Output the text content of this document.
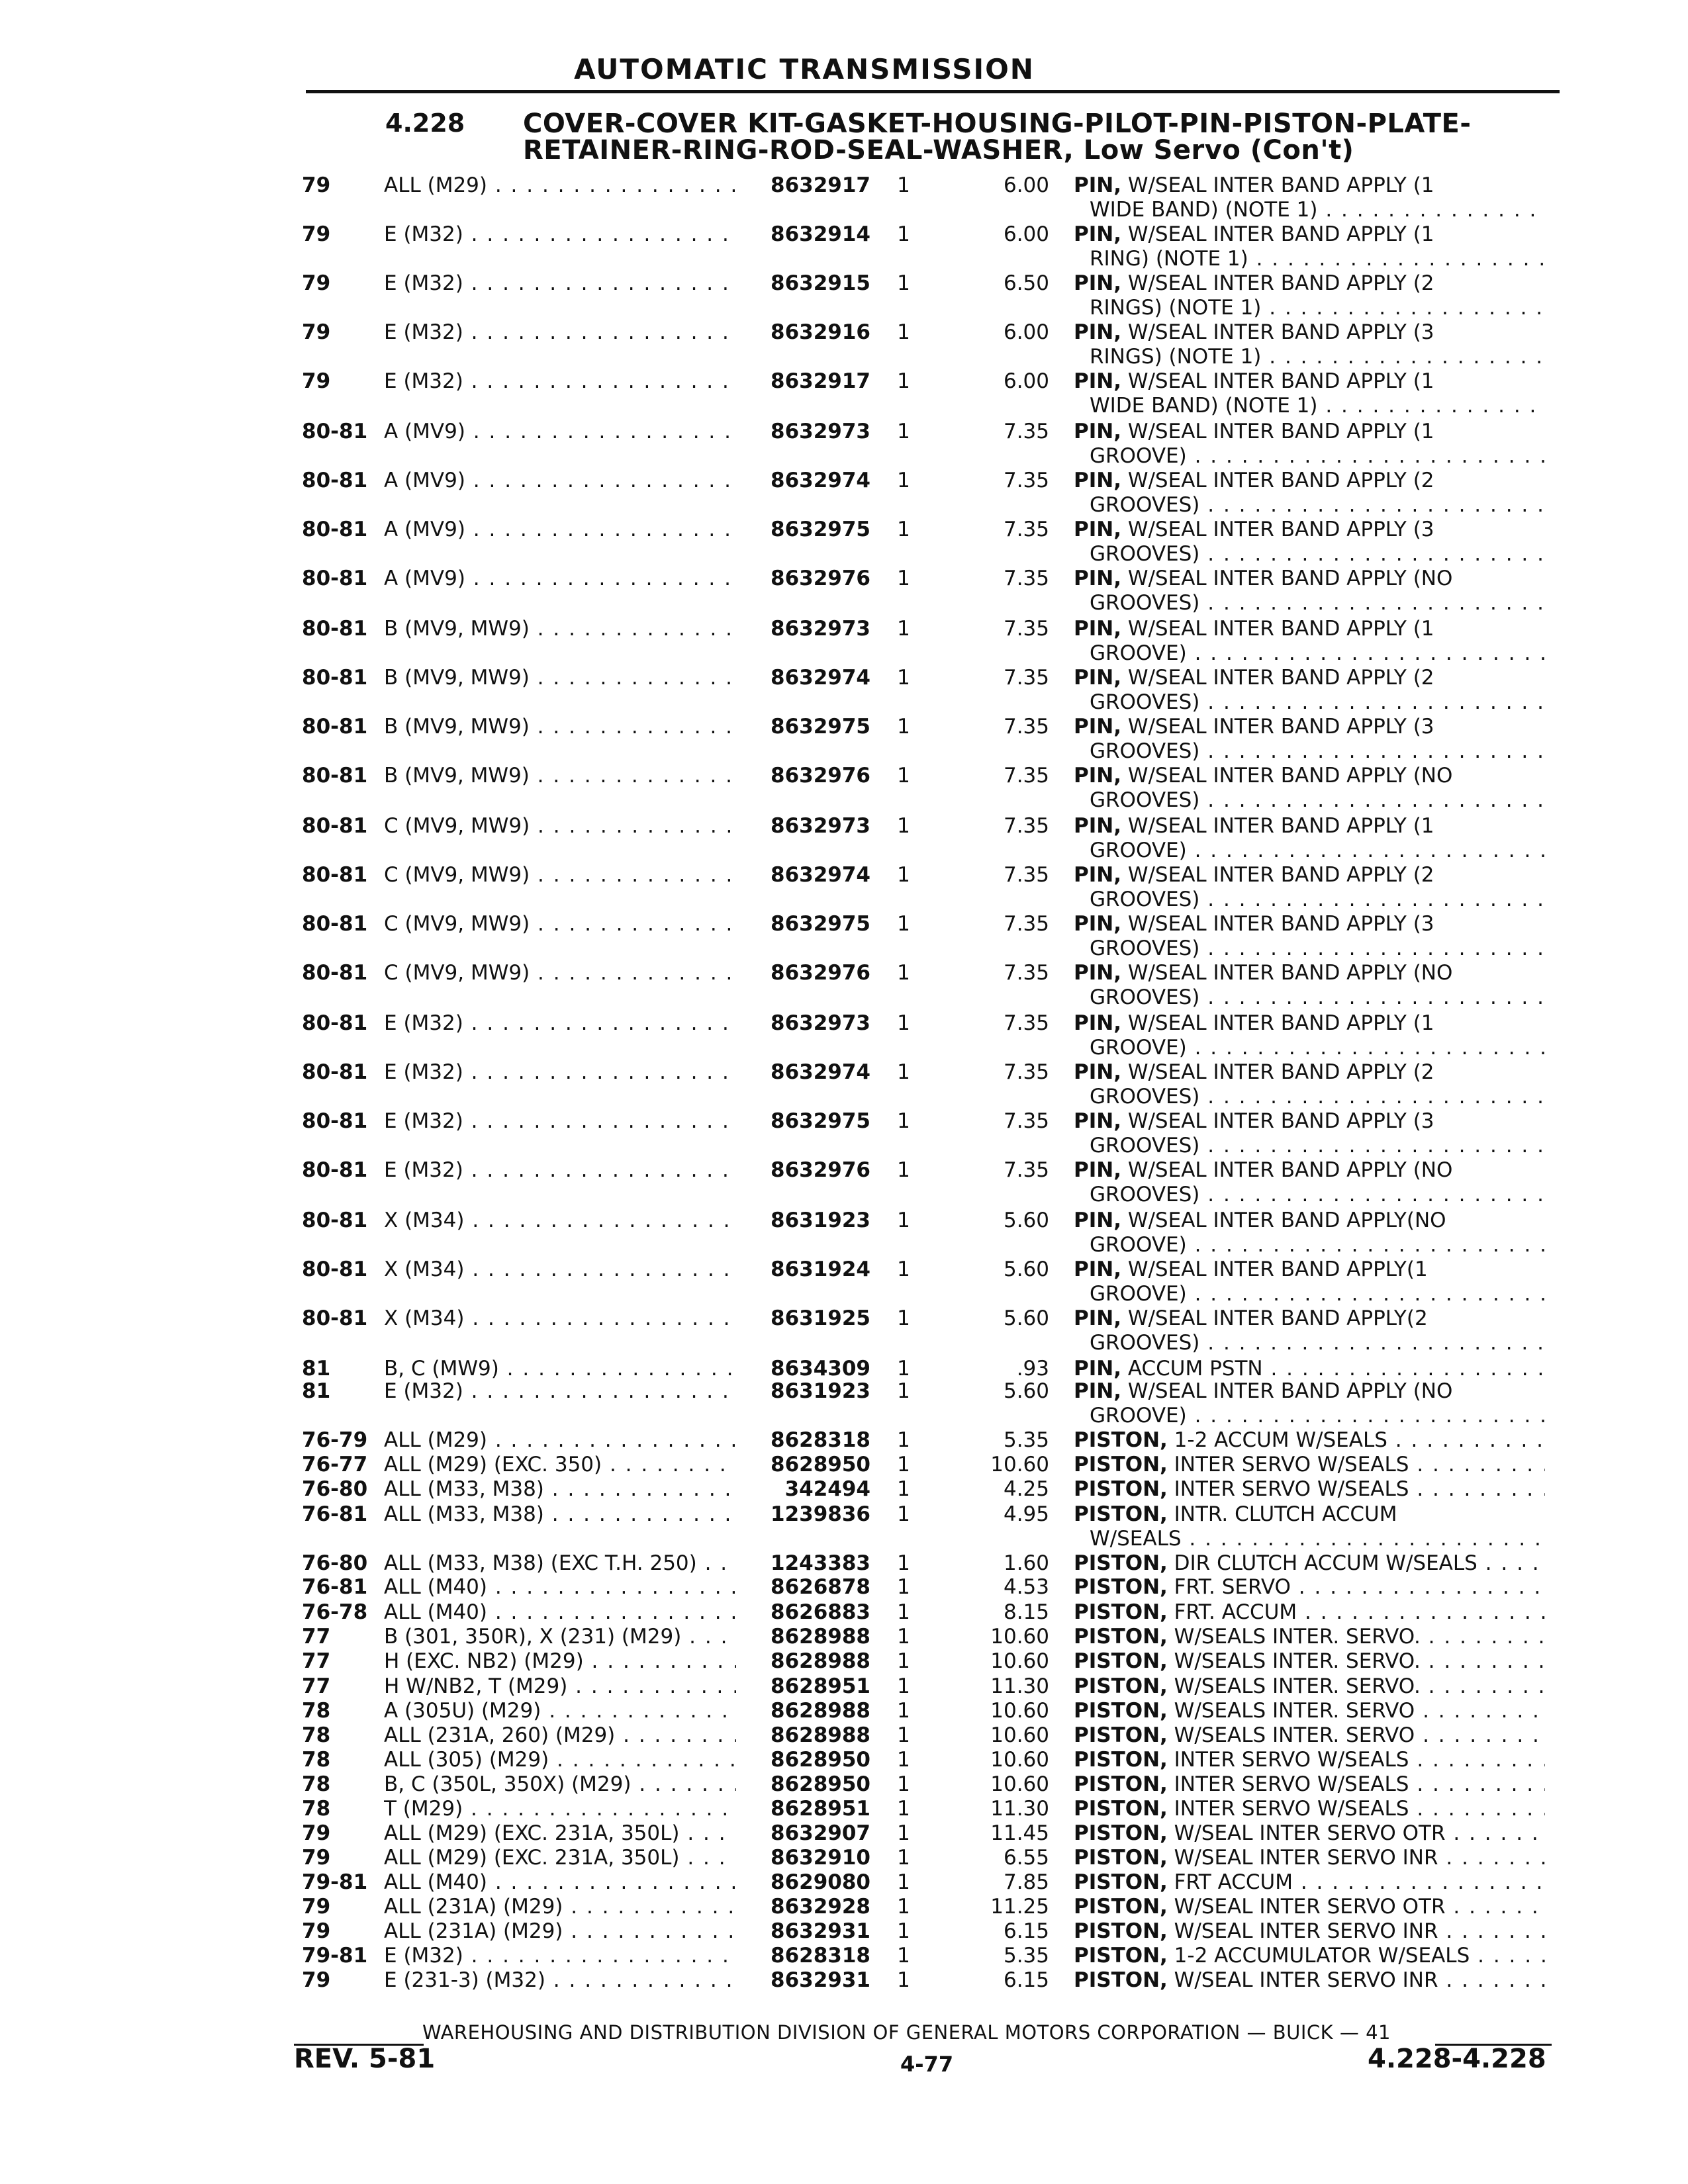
AUTOMATIC TRANSMISSION
4.228 COVER-COVER KIT-GASKET-HOUSING-PILOT-PIN-PISTON-PLATE-
RETAINER-RING-ROD-SEAL-WASHER, Low Servo (Con't)
79	ALL (M29) . . .	8632917 1	6.00 PIN, W/SEAL INTER BAND APPLY (1
WIDE BAND) (NOTE 1) . . .
79	E (M32) . . .	8632914 1	6.00 PIN, W/SEAL INTER BAND APPLY (1
RING) (NOTE 1) . . .
79	E (M32) . . .	8632915 1	6.50 PIN, W/SEAL INTER BAND APPLY (2
RINGS) (NOTE 1) . . .
79	E (M32) . . .	8632916 1	6.00 PIN, W/SEAL INTER BAND APPLY (3
RINGS) (NOTE 1) . . .
79	E (M32) . . .	8632917 1	6.00 PIN, W/SEAL INTER BAND APPLY (1
WIDE BAND) (NOTE 1) . . .
80-81 A (MV9) . . .	8632973 1	7.35 PIN, W/SEAL INTER BAND APPLY (1
GROOVE) . . .
80-81 A (MV9) . . .	8632974 1	7.35 PIN, W/SEAL INTER BAND APPLY (2
GROOVES) . . .
80-81 A (MV9) . . .	8632975 1	7.35 PIN, W/SEAL INTER BAND APPLY (3
GROOVES) . . .
80-81 A (MV9) . . .	8632976 1	7.35 PIN, W/SEAL INTER BAND APPLY (NO
GROOVES) . . .
80-81 B (MV9, MW9) . . .	8632973 1	7.35 PIN, W/SEAL INTER BAND APPLY (1
GROOVE) . . .
80-81 B (MV9, MW9) . . .	8632974 1	7.35 PIN, W/SEAL INTER BAND APPLY (2
GROOVES) . . .
80-81 B (MV9, MW9) . . .	8632975 1	7.35 PIN, W/SEAL INTER BAND APPLY (3
GROOVES) . . .
80-81 B (MV9, MW9) . . .	8632976 1	7.35 PIN, W/SEAL INTER BAND APPLY (NO
GROOVES) . . .
80-81 C (MV9, MW9) . . .	8632973 1	7.35 PIN, W/SEAL INTER BAND APPLY (1
GROOVE) . . .
80-81 C (MV9, MW9) . . .	8632974 1	7.35 PIN, W/SEAL INTER BAND APPLY (2
GROOVES) . . .
80-81 C (MV9, MW9) . . .	8632975 1	7.35 PIN, W/SEAL INTER BAND APPLY (3
GROOVES) . . .
80-81 C (MV9, MW9) . . .	8632976 1	7.35 PIN, W/SEAL INTER BAND APPLY (NO
GROOVES) . . .
80-81 E (M32) . . .	8632973 1	7.35 PIN, W/SEAL INTER BAND APPLY (1
GROOVE) . . .
80-81 E (M32) . . .	8632974 1	7.35 PIN, W/SEAL INTER BAND APPLY (2
GROOVES) . . .
80-81 E (M32) . . .	8632975 1	7.35 PIN, W/SEAL INTER BAND APPLY (3
GROOVES) . . .
80-81 E (M32) . . .	8632976 1	7.35 PIN, W/SEAL INTER BAND APPLY (NO
GROOVES) . . .
80-81 X (M34) . . .	8631923 1	5.60 PIN, W/SEAL INTER BAND APPLY(NO
GROOVE) . . .
80-81 X (M34) . . .	8631924 1	5.60 PIN, W/SEAL INTER BAND APPLY(1
GROOVE) . . .
80-81 X (M34) . . .	8631925 1	5.60 PIN, W/SEAL INTER BAND APPLY(2
GROOVES) . . .
81	B, C (MW9) . . .	8634309 1	.93 PIN, ACCUM PSTN . . .
81	E (M32) . . .	8631923 1	5.60 PIN, W/SEAL INTER BAND APPLY (NO
GROOVE) . . .
76-79 ALL (M29) . . .	8628318 1	5.35 PISTON, 1-2 ACCUM W/SEALS . . .
76-77 ALL (M29) (EXC. 350) . . .	8628950 1	10.60 PISTON, INTER SERVO W/SEALS . . .
76-80 ALL (M33, M38) . . .	342494 1	4.25 PISTON, INTER SERVO W/SEALS . . .
76-81 ALL (M33, M38) . . .	1239836 1	4.95 PISTON, INTR. CLUTCH ACCUM
W/SEALS . . .
76-80 ALL (M33, M38) (EXC T.H. 250) . . .	1243383 1	1.60 PISTON, DIR CLUTCH ACCUM W/SEALS . . .
76-81 ALL (M40) . . .	8626878 1	4.53 PISTON, FRT. SERVO . . .
76-78 ALL (M40) . . .	8626883 1	8.15 PISTON, FRT. ACCUM . . .
77	B (301, 350R), X (231) (M29) . . .	8628988 1	10.60 PISTON, W/SEALS INTER. SERVO. . . .
77	H (EXC. NB2) (M29) . . .	8628988 1	10.60 PISTON, W/SEALS INTER. SERVO. . . .
77	H W/NB2, T (M29) . . .	8628951 1	11.30 PISTON, W/SEALS INTER. SERVO. . . .
78	A (305U) (M29) . . .	8628988 1	10.60 PISTON, W/SEALS INTER. SERVO . . .
78	ALL (231A, 260) (M29) . . .	8628988 1	10.60 PISTON, W/SEALS INTER. SERVO . . .
78	ALL (305) (M29) . . .	8628950 1	10.60 PISTON, INTER SERVO W/SEALS . . .
78	B, C (350L, 350X) (M29) . . .	8628950 1	10.60 PISTON, INTER SERVO W/SEALS . . .
78	T (M29) . . .	8628951 1	11.30 PISTON, INTER SERVO W/SEALS . . .
79	ALL (M29) (EXC. 231A, 350L) . . .	8632907 1	11.45 PISTON, W/SEAL INTER SERVO OTR . . .
79	ALL (M29) (EXC. 231A, 350L) . . .	8632910 1	6.55 PISTON, W/SEAL INTER SERVO INR . . .
79-81 ALL (M40) . . .	8629080 1	7.85 PISTON, FRT ACCUM . . .
79	ALL (231A) (M29) . . .	8632928 1	11.25 PISTON, W/SEAL INTER SERVO OTR . . .
79	ALL (231A) (M29) . . .	8632931 1	6.15 PISTON, W/SEAL INTER SERVO INR . . .
79-81 E (M32) . . .	8628318 1	5.35 PISTON, 1-2 ACCUMULATOR W/SEALS . . .
79	E (231-3) (M32) . . .	8632931 1	6.15 PISTON, W/SEAL INTER SERVO INR . . .
WAREHOUSING AND DISTRIBUTION DIVISION OF GENERAL MOTORS CORPORATION — BUICK — 41
REV. 5-81	4-77	4.228-4.228
